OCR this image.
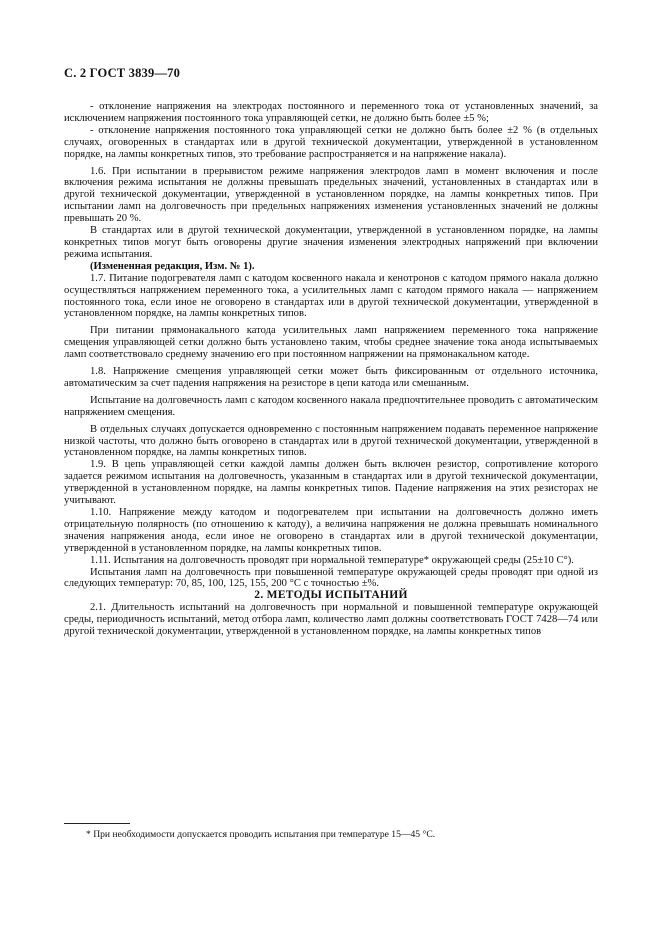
С. 2 ГОСТ 3839—70

- отклонение напряжения на электродах постоянного и переменного тока от установленных значений, за исключением напряжения постоянного тока управляющей сетки, не должно быть более ±5 %;

- отклонение напряжения постоянного тока управляющей сетки не должно быть более ±2 % (в отдельных случаях, оговоренных в стандартах или в другой технической документации, утвержденной в установленном порядке, на лампы конкретных типов, это требование распространяется и на напряжение накала).

1.6. При испытании в прерывистом режиме напряжения электродов ламп в момент включения и после включения режима испытания не должны превышать предельных значений, установленных в стандартах или в другой технической документации, утвержденной в установленном порядке, на лампы конкретных типов. При испытании ламп на долговечность при предельных напряжениях изменения установленных значений не должны превышать 20 %.

В стандартах или в другой технической документации, утвержденной в установленном порядке, на лампы конкретных типов могут быть оговорены другие значения изменения электродных напряжений при включении режима испытания.

(Измененная редакция, Изм. № 1).

1.7. Питание подогревателя ламп с катодом косвенного накала и кенотронов с катодом прямого накала должно осуществляться напряжением переменного тока, а усилительных ламп с катодом прямого накала — напряжением постоянного тока, если иное не оговорено в стандартах или в другой технической документации, утвержденной в установленном порядке, на лампы конкретных типов.

При питании прямонакального катода усилительных ламп напряжением переменного тока напряжение смещения управляющей сетки должно быть установлено таким, чтобы среднее значение тока анода испытываемых ламп соответствовало среднему значению его при постоянном напряжении на прямонакальном катоде.

1.8. Напряжение смещения управляющей сетки может быть фиксированным от отдельного источника, автоматическим за счет падения напряжения на резисторе в цепи катода или смешанным.

Испытание на долговечность ламп с катодом косвенного накала предпочтительнее проводить с автоматическим напряжением смещения.

В отдельных случаях допускается одновременно с постоянным напряжением подавать переменное напряжение низкой частоты, что должно быть оговорено в стандартах или в другой технической документации, утвержденной в установленном порядке, на лампы конкретных типов.

1.9. В цепь управляющей сетки каждой лампы должен быть включен резистор, сопротивление которого задается режимом испытания на долговечность, указанным в стандартах или в другой технической документации, утвержденной в установленном порядке, на лампы конкретных типов. Падение напряжения на этих резисторах не учитывают.

1.10. Напряжение между катодом и подогревателем при испытании на долговечность должно иметь отрицательную полярность (по отношению к катоду), а величина напряжения не должна превышать номинального значения напряжения анода, если иное не оговорено в стандартах или в другой технической документации, утвержденной в установленном порядке, на лампы конкретных типов.

1.11. Испытания на долговечность проводят при нормальной температуре* окружающей среды (25±10 С°).

Испытания ламп на долговечность при повышенной температуре окружающей среды проводят при одной из следующих температур: 70, 85, 100, 125, 155, 200 °С с точностью ±%.

2. МЕТОДЫ ИСПЫТАНИЙ

2.1. Длительность испытаний на долговечность при нормальной и повышенной температуре окружающей среды, периодичность испытаний, метод отбора ламп, количество ламп должны соответствовать ГОСТ 7428—74 или другой технической документации, утвержденной в установленном порядке, на лампы конкретных типов

* При необходимости допускается проводить испытания при температуре 15—45 °С.
